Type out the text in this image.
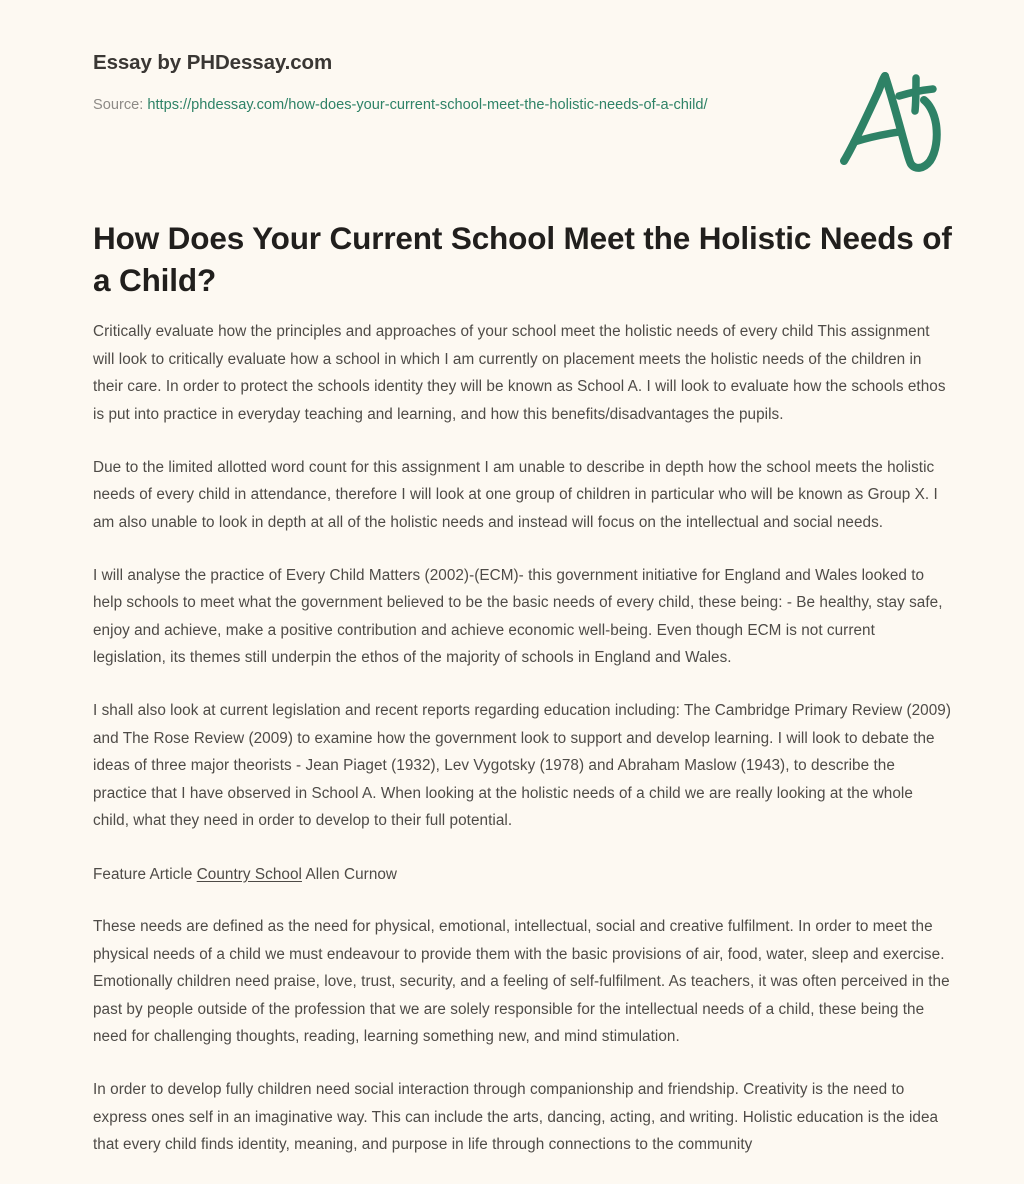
Essay by PHDessay.com
Source: https://phdessay.com/how-does-your-current-school-meet-the-holistic-needs-of-a-child/
How Does Your Current School Meet the Holistic Needs of a Child?

Critically evaluate how the principles and approaches of your school meet the holistic needs of every child This assignment will look to critically evaluate how a school in which I am currently on placement meets the holistic needs of the children in their care. In order to protect the schools identity they will be known as School A. I will look to evaluate how the schools ethos is put into practice in everyday teaching and learning, and how this benefits/disadvantages the pupils.

Due to the limited allotted word count for this assignment I am unable to describe in depth how the school meets the holistic needs of every child in attendance, therefore I will look at one group of children in particular who will be known as Group X. I am also unable to look in depth at all of the holistic needs and instead will focus on the intellectual and social needs.

I will analyse the practice of Every Child Matters (2002)-(ECM)- this government initiative for England and Wales looked to help schools to meet what the government believed to be the basic needs of every child, these being: - Be healthy, stay safe, enjoy and achieve, make a positive contribution and achieve economic well-being. Even though ECM is not current legislation, its themes still underpin the ethos of the majority of schools in England and Wales.

I shall also look at current legislation and recent reports regarding education including: The Cambridge Primary Review (2009) and The Rose Review (2009) to examine how the government look to support and develop learning. I will look to debate the ideas of three major theorists - Jean Piaget (1932), Lev Vygotsky (1978) and Abraham Maslow (1943), to describe the practice that I have observed in School A. When looking at the holistic needs of a child we are really looking at the whole child, what they need in order to develop to their full potential.

Feature Article Country School Allen Curnow

These needs are defined as the need for physical, emotional, intellectual, social and creative fulfilment. In order to meet the physical needs of a child we must endeavour to provide them with the basic provisions of air, food, water, sleep and exercise. Emotionally children need praise, love, trust, security, and a feeling of self-fulfilment. As teachers, it was often perceived in the past by people outside of the profession that we are solely responsible for the intellectual needs of a child, these being the need for challenging thoughts, reading, learning something new, and mind stimulation.

In order to develop fully children need social interaction through companionship and friendship. Creativity is the need to express ones self in an imaginative way. This can include the arts, dancing, acting, and writing. Holistic education is the idea that every child finds identity, meaning, and purpose in life through connections to the community
